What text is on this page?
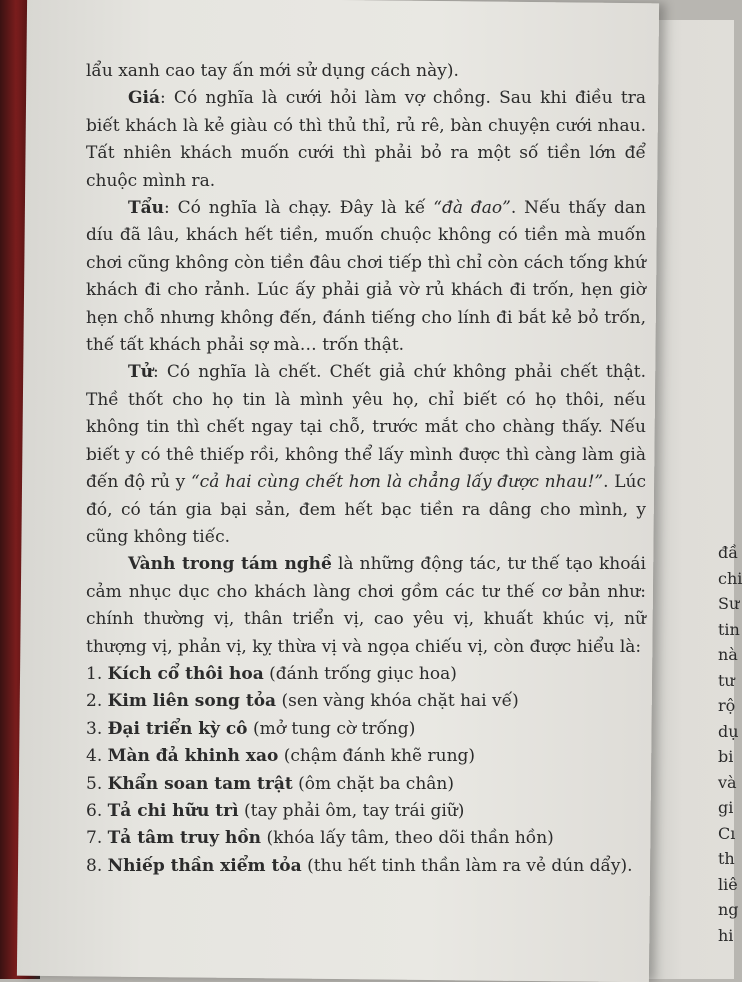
lẩu xanh cao tay ấn mới sử dụng cách này).

Giá: Có nghĩa là cưới hỏi làm vợ chồng. Sau khi điều tra biết khách là kẻ giàu có thì thủ thỉ, rủ rê, bàn chuyện cưới nhau. Tất nhiên khách muốn cưới thì phải bỏ ra một số tiền lớn để chuộc mình ra.

Tẩu: Có nghĩa là chạy. Đây là kế “đà đao”. Nếu thấy dan díu đã lâu, khách hết tiền, muốn chuộc không có tiền mà muốn chơi cũng không còn tiền đâu chơi tiếp thì chỉ còn cách tống khứ khách đi cho rảnh. Lúc ấy phải giả vờ rủ khách đi trốn, hẹn giờ hẹn chỗ nhưng không đến, đánh tiếng cho lính đi bắt kẻ bỏ trốn, thế tất khách phải sợ mà… trốn thật.

Tử: Có nghĩa là chết. Chết giả chứ không phải chết thật. Thề thốt cho họ tin là mình yêu họ, chỉ biết có họ thôi, nếu không tin thì chết ngay tại chỗ, trước mắt cho chàng thấy. Nếu biết y có thê thiếp rồi, không thể lấy mình được thì càng làm già đến độ rủ y “cả hai cùng chết hơn là chẳng lấy được nhau!”. Lúc đó, có tán gia bại sản, đem hết bạc tiền ra dâng cho mình, y cũng không tiếc.

Vành trong tám nghề là những động tác, tư thế tạo khoái cảm nhục dục cho khách làng chơi gồm các tư thế cơ bản như: chính thường vị, thân triển vị, cao yêu vị, khuất khúc vị, nữ thượng vị, phản vị, kỵ thừa vị và ngọa chiếu vị, còn được hiểu là:

1. Kích cổ thôi hoa (đánh trống giục hoa)

2. Kim liên song tỏa (sen vàng khóa chặt hai vế)

3. Đại triển kỳ cô (mở tung cờ trống)

4. Màn đả khinh xao (chậm đánh khẽ rung)

5. Khẩn soan tam trật (ôm chặt ba chân)

6. Tả chi hữu trì (tay phải ôm, tay trái giữ)

7. Tả tâm truy hồn (khóa lấy tâm, theo dõi thần hồn)

8. Nhiếp thần xiểm tỏa (thu hết tinh thần làm ra vẻ dún dẩy).

đầ
chi
Sư
tin
nà
tư
rộ
dụ
bi
và
gi
Cı
th
liê
ng
hi
